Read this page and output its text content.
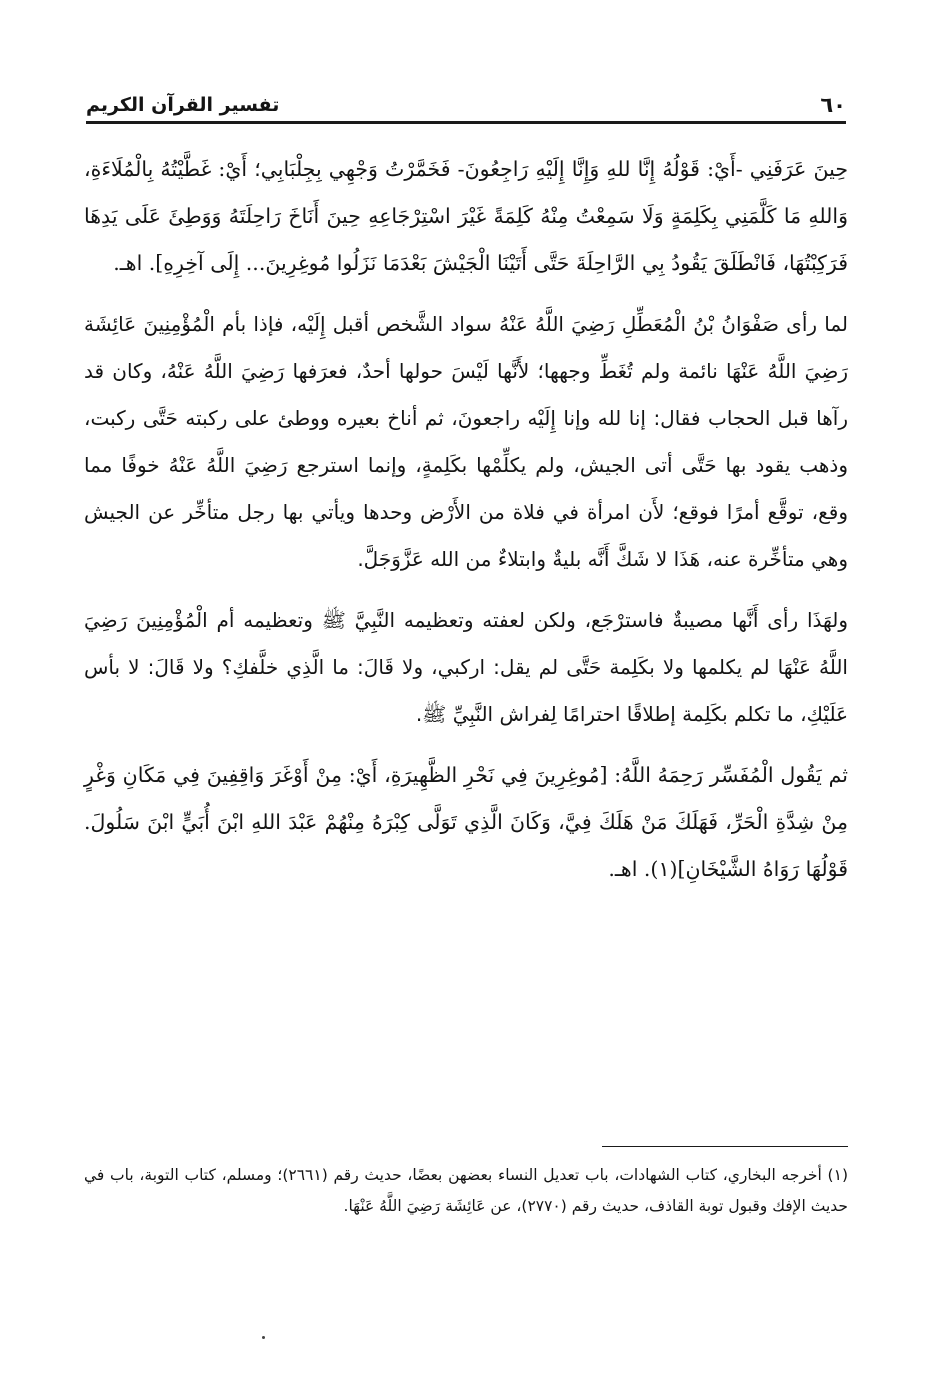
٦٠
تفسير القرآن الكريم

حِينَ عَرَفَنِي -أَيْ: قَوْلُهُ إِنَّا للهِ وَإِنَّا إِلَيْهِ رَاجِعُونَ- فَخَمَّرْتُ وَجْهِي بِجِلْبَابِي؛ أَيْ: غَطَّيْتُهُ بِالْمُلَاءَةِ، وَاللهِ مَا كَلَّمَنِي بِكَلِمَةٍ وَلَا سَمِعْتُ مِنْهُ كَلِمَةً غَيْرَ اسْتِرْجَاعِهِ حِينَ أَنَاخَ رَاحِلَتَهُ وَوَطِئَ عَلَى يَدِهَا فَرَكِبْتُهَا، فَانْطَلَقَ يَقُودُ بِي الرَّاحِلَةَ حَتَّى أَتَيْنَا الْجَيْشَ بَعْدَمَا نَزَلُوا مُوغِرِينَ... إِلَى آخِرِهِ]. اهـ.

لما رأى صَفْوَانُ بْنُ الْمُعَطِّلِ رَضِيَ اللَّهُ عَنْهُ سواد الشَّخص أقبل إِلَيْه، فإذا بأم الْمُؤْمِنِينَ عَائِشَة رَضِيَ اللَّهُ عَنْهَا نائمة ولم تُغَطِّ وجهها؛ لأَنَّها لَيْسَ حولها أحدٌ، فعرَفها رَضِيَ اللَّهُ عَنْهُ، وكان قد رآها قبل الحجاب فقال: إنا لله وإنا إِلَيْه راجعونَ، ثم أناخ بعيره ووطئ على ركبته حَتَّى ركبت، وذهب يقود بها حَتَّى أتى الجيش، ولم يكلِّمْها بكَلِمةٍ، وإنما استرجع رَضِيَ اللَّهُ عَنْهُ خوفًا مما وقع، توقَّع أمرًا فوقع؛ لأَن امرأة في فلاة من الأَرْض وحدها ويأتي بها رجل متأخِّر عن الجيش وهي متأخِّرة عنه، هَذَا لا شَكَّ أَنَّه بليةٌ وابتلاءٌ من الله عَزَّوَجَلَّ.

ولهَذَا رأى أَنَّها مصيبةٌ فاسترْجَع، ولكن لعفته وتعظيمه النَّبِيَّ ﷺ وتعظيمه أم الْمُؤْمِنِينَ رَضِيَ اللَّهُ عَنْهَا لم يكلمها ولا بكَلِمة حَتَّى لم يقل: اركبي، ولا قَالَ: ما الَّذِي خلَّفكِ؟ ولا قَالَ: لا بأس عَلَيْكِ، ما تكلم بكَلِمة إطلاقًا احترامًا لِفراش النَّبِيِّ ﷺ.

ثم يَقُول الْمُفَسِّر رَحِمَهُ اللَّهُ: [مُوغِرِينَ فِي نَحْرِ الظَّهِيرَةِ، أَيْ: مِنْ أَوْغَرَ وَاقِفِينَ فِي مَكَانِ وَغْرٍ مِنْ شِدَّةِ الْحَرِّ، فَهَلَكَ مَنْ هَلَكَ فِيَّ، وَكَانَ الَّذِي تَوَلَّى كِبْرَهُ مِنْهُمْ عَبْدَ اللهِ ابْنَ أُبَيٍّ ابْنَ سَلُولَ. قَوْلُهَا رَوَاهُ الشَّيْخَانِ](١). اهـ.

(١) أخرجه البخاري، كتاب الشهادات، باب تعديل النساء بعضهن بعضًا، حديث رقم (٢٦٦١)؛ ومسلم، كتاب التوبة، باب في حديث الإفك وقبول توبة القاذف، حديث رقم (٢٧٧٠)، عن عَائِشَة رَضِيَ اللَّهُ عَنْهَا.
